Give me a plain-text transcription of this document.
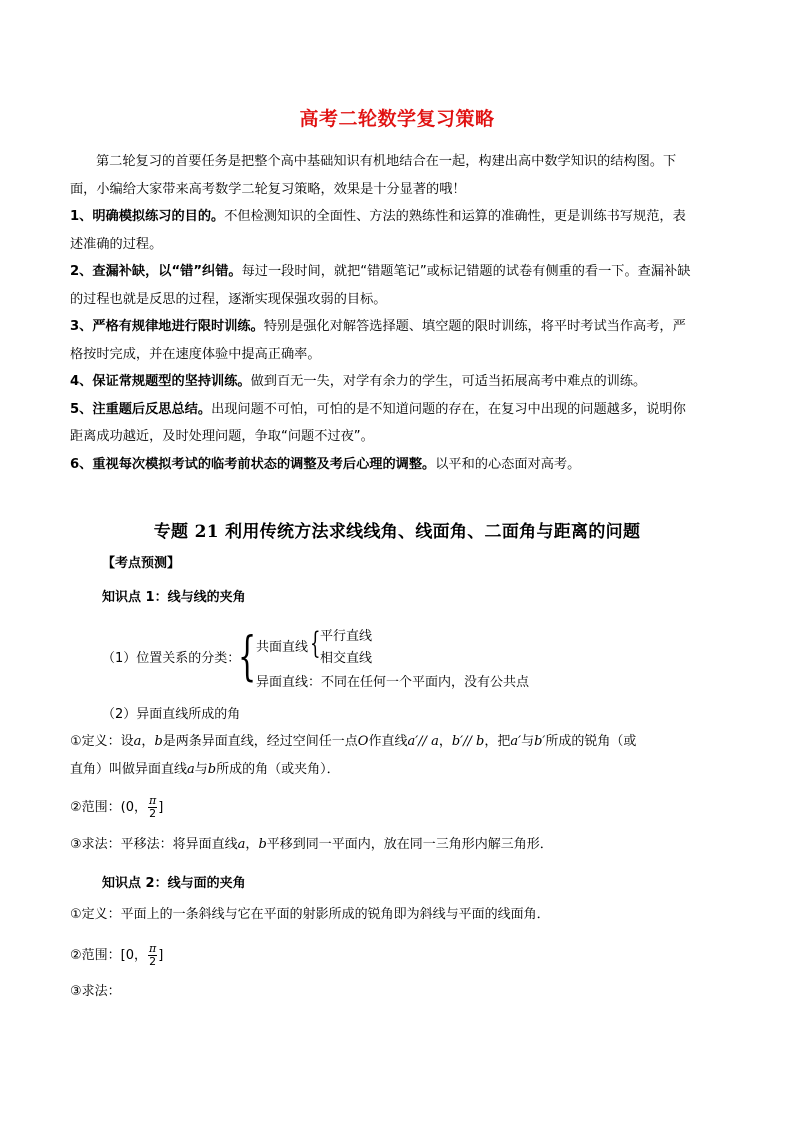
高考二轮数学复习策略
第二轮复习的首要任务是把整个高中基础知识有机地结合在一起，构建出高中数学知识的结构图。下
面，小编给大家带来高考数学二轮复习策略，效果是十分显著的哦！
1、明确模拟练习的目的。不但检测知识的全面性、方法的熟练性和运算的准确性，更是训练书写规范，表
述准确的过程。
2、查漏补缺，以“错”纠错。每过一段时间，就把“错题笔记”或标记错题的试卷有侧重的看一下。查漏补缺
的过程也就是反思的过程，逐渐实现保强攻弱的目标。
3、严格有规律地进行限时训练。特别是强化对解答选择题、填空题的限时训练，将平时考试当作高考，严
格按时完成，并在速度体验中提高正确率。
4、保证常规题型的坚持训练。做到百无一失，对学有余力的学生，可适当拓展高考中难点的训练。
5、注重题后反思总结。出现问题不可怕，可怕的是不知道问题的存在，在复习中出现的问题越多，说明你
距离成功越近，及时处理问题，争取“问题不过夜”。
6、重视每次模拟考试的临考前状态的调整及考后心理的调整。以平和的心态面对高考。
专题 21 利用传统方法求线线角、线面角、二面角与距离的问题
【考点预测】
知识点 1：线与线的夹角
（1）位置关系的分类：
{ {
共面直线
平行直线
相交直线
异面直线：不同在任何一个平面内，没有公共点
（2）异面直线所成的角
①定义：设a，b是两条异面直线，经过空间任一点O作直线a′// a，b′// b，把a′与b′所成的锐角（或
直角）叫做异面直线a与b所成的角（或夹角）．
②范围：(0， $\frac{\pi}{2}$ ]
③求法：平移法：将异面直线a，b平移到同一平面内，放在同一三角形内解三角形．
知识点 2：线与面的夹角
①定义：平面上的一条斜线与它在平面的射影所成的锐角即为斜线与平面的线面角．
②范围：[0， $\frac{\pi}{2}$ ]
③求法：
